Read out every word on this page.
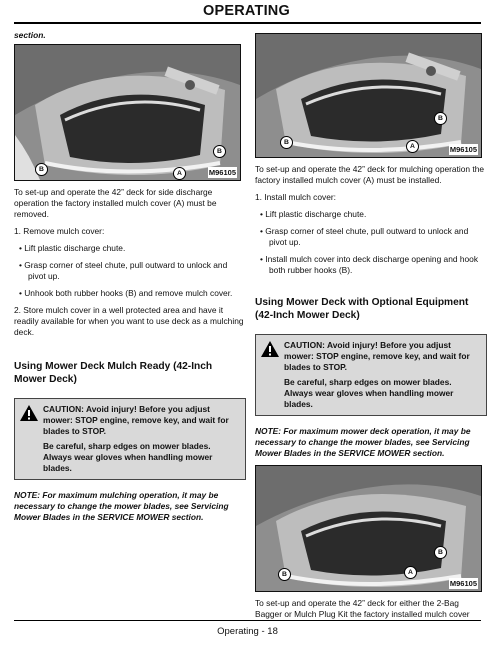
OPERATING

section.

B
A
B
M96105

To set-up and operate the 42” deck for side discharge operation the factory installed mulch cover (A) must be removed.

1. Remove mulch cover:

• Lift plastic discharge chute.

• Grasp corner of steel chute, pull outward to unlock and pivot up.

• Unhook both rubber hooks (B) and remove mulch cover.

2. Store mulch cover in a well protected area and have it readily available for when you want to use deck as a mulching deck.

Using Mower Deck Mulch Ready (42-Inch Mower Deck)

CAUTION: Avoid injury! Before you adjust mower: STOP engine, remove key, and wait for blades to STOP.

Be careful, sharp edges on mower blades. Always wear gloves when handling mower blades.

NOTE: For maximum mulching operation, it may be necessary to change the mower blades, see Servicing Mower Blades in the SERVICE MOWER section.

B
A
B
M96105

To set-up and operate the 42” deck for mulching operation the factory installed mulch cover (A) must be installed.

1. Install mulch cover:

• Lift plastic discharge chute.

• Grasp corner of steel chute, pull outward to unlock and pivot up.

• Install mulch cover into deck discharge opening and hook both rubber hooks (B).

Using Mower Deck with Optional Equipment (42-Inch Mower Deck)

CAUTION: Avoid injury! Before you adjust mower: STOP engine, remove key, and wait for blades to STOP.

Be careful, sharp edges on mower blades. Always wear gloves when handling mower blades.

NOTE: For maximum mower deck operation, it may be necessary to change the mower blades, see Servicing Mower Blades in the SERVICE MOWER section.

B	A
B
M96105

To set-up and operate the 42” deck for either the 2-Bag Bagger or Mulch Plug Kit the factory installed mulch cover

Operating - 18
